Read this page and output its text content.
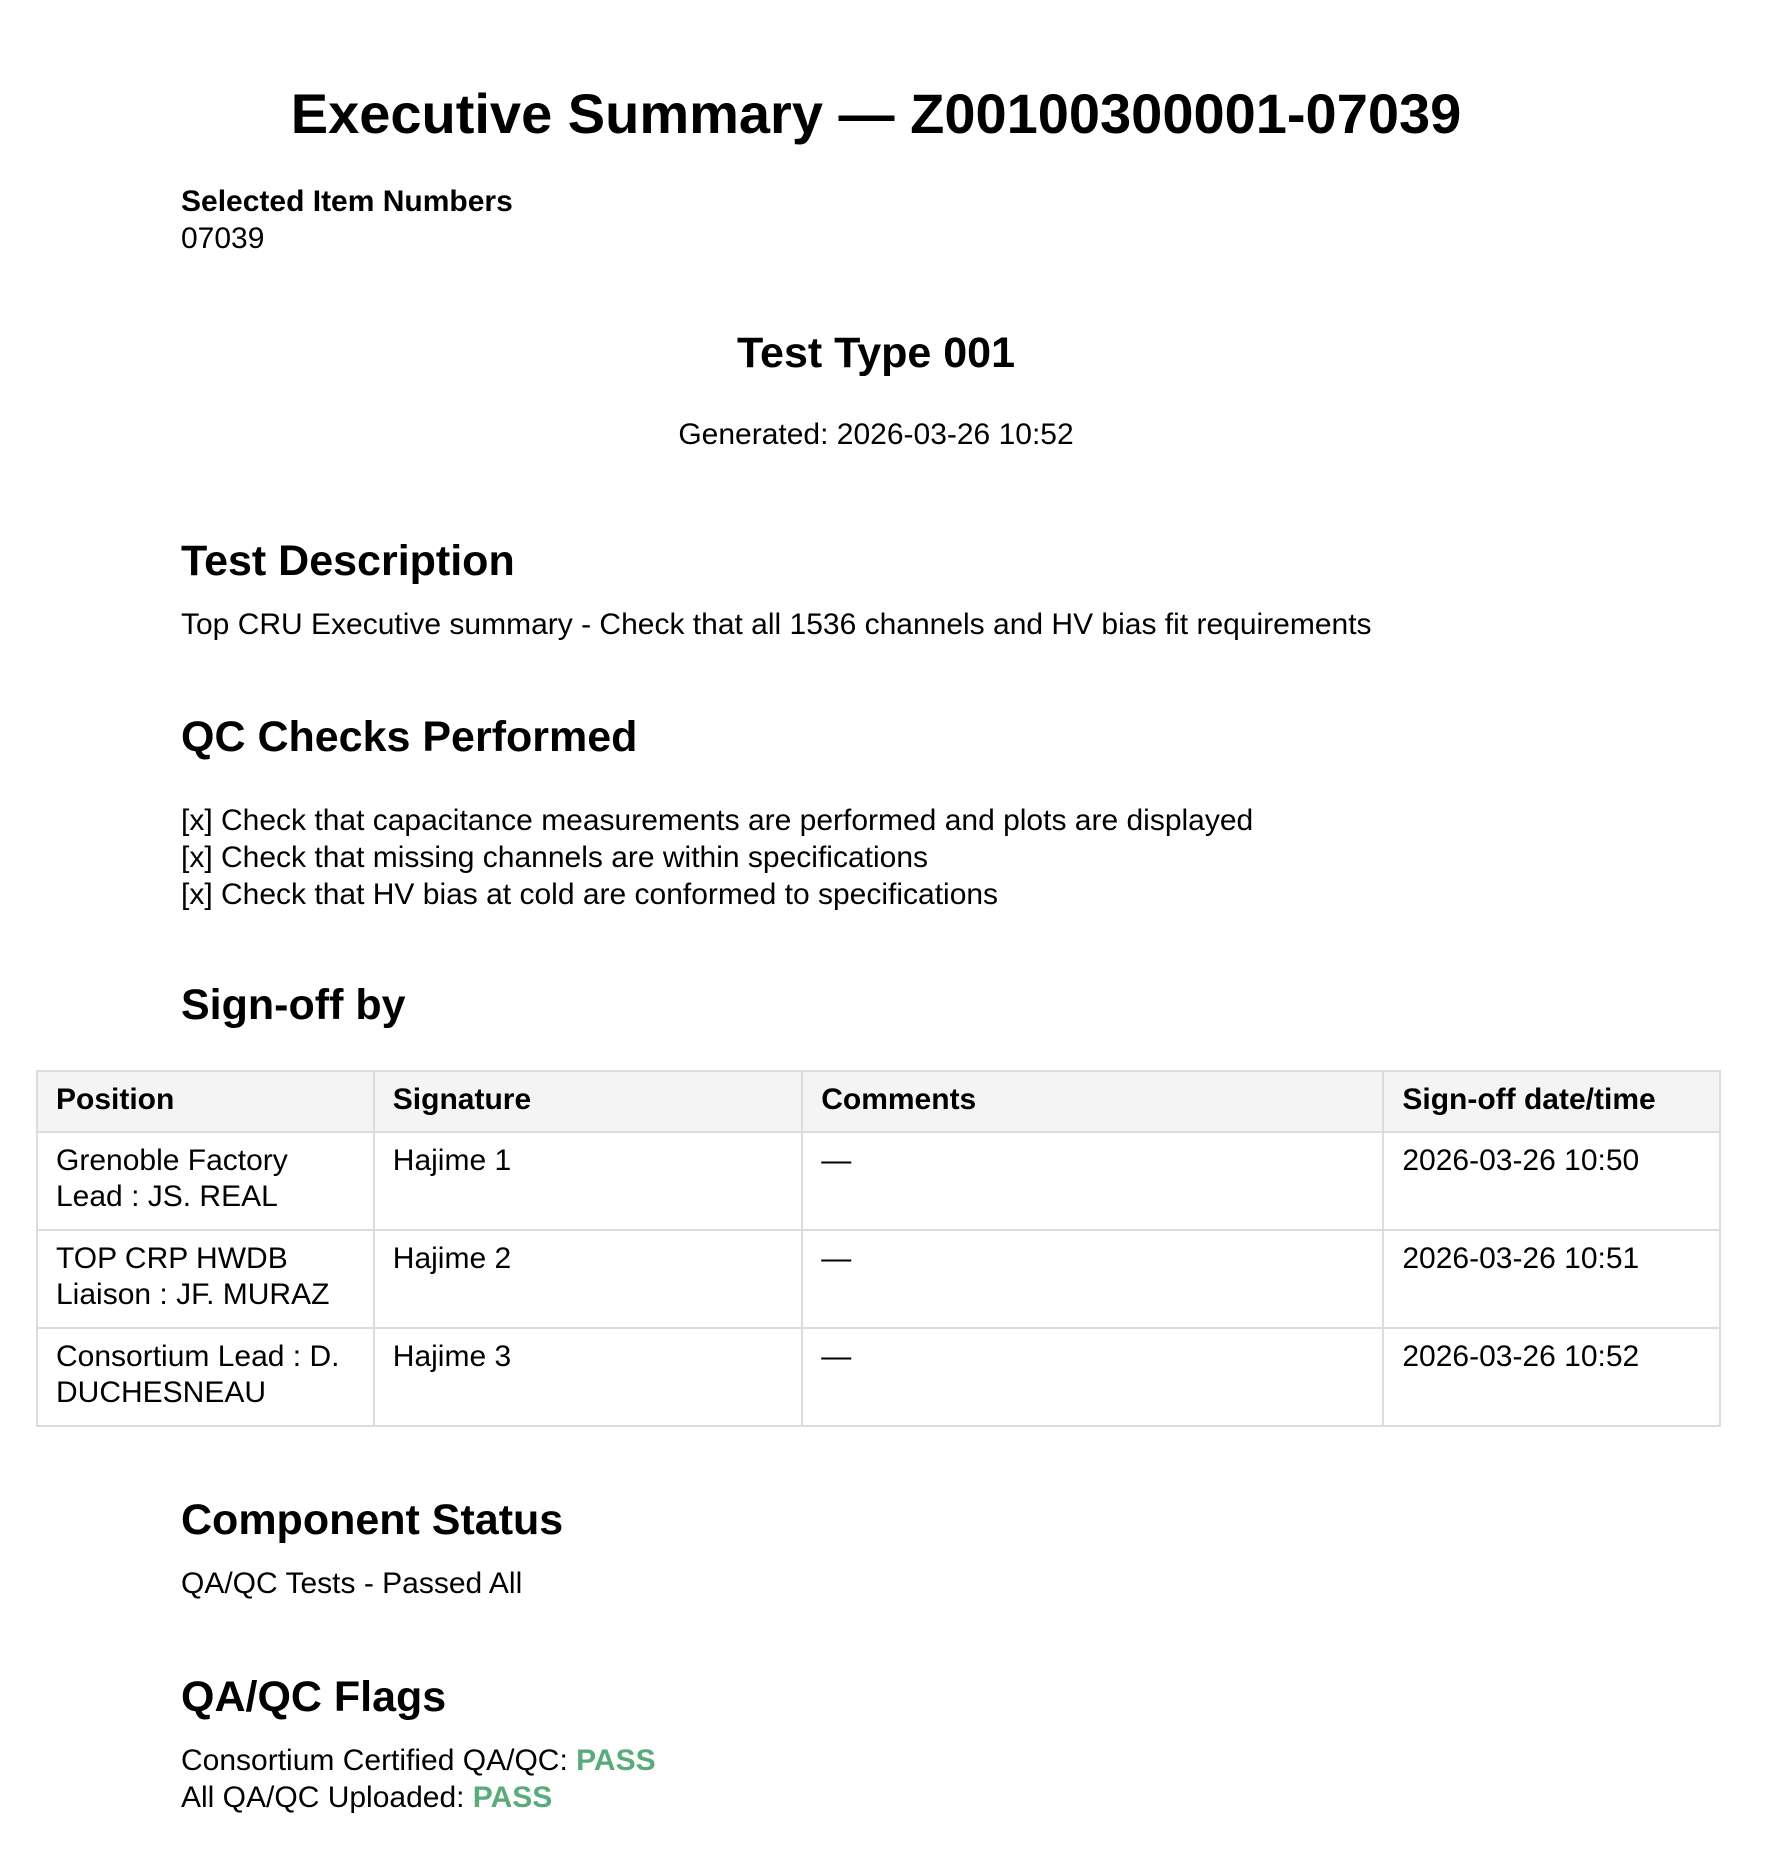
Executive Summary — Z00100300001-07039
Selected Item Numbers
07039
Test Type 001
Generated: 2026-03-26 10:52
Test Description
Top CRU Executive summary - Check that all 1536 channels and HV bias fit requirements
QC Checks Performed
[x] Check that capacitance measurements are performed and plots are displayed
[x] Check that missing channels are within specifications
[x] Check that HV bias at cold are conformed to specifications
Sign-off by
Position	Signature	Comments	Sign-off date/time

Grenoble Factory
Lead : JS. REAL	Hajime 1	—	2026-03-26 10:50

TOP CRP HWDB
Liaison : JF. MURAZ	Hajime 2	—	2026-03-26 10:51

Consortium Lead : D.
DUCHESNEAU	Hajime 3	—	2026-03-26 10:52
Component Status
QA/QC Tests - Passed All
QA/QC Flags
Consortium Certified QA/QC: PASS
All QA/QC Uploaded: PASS
